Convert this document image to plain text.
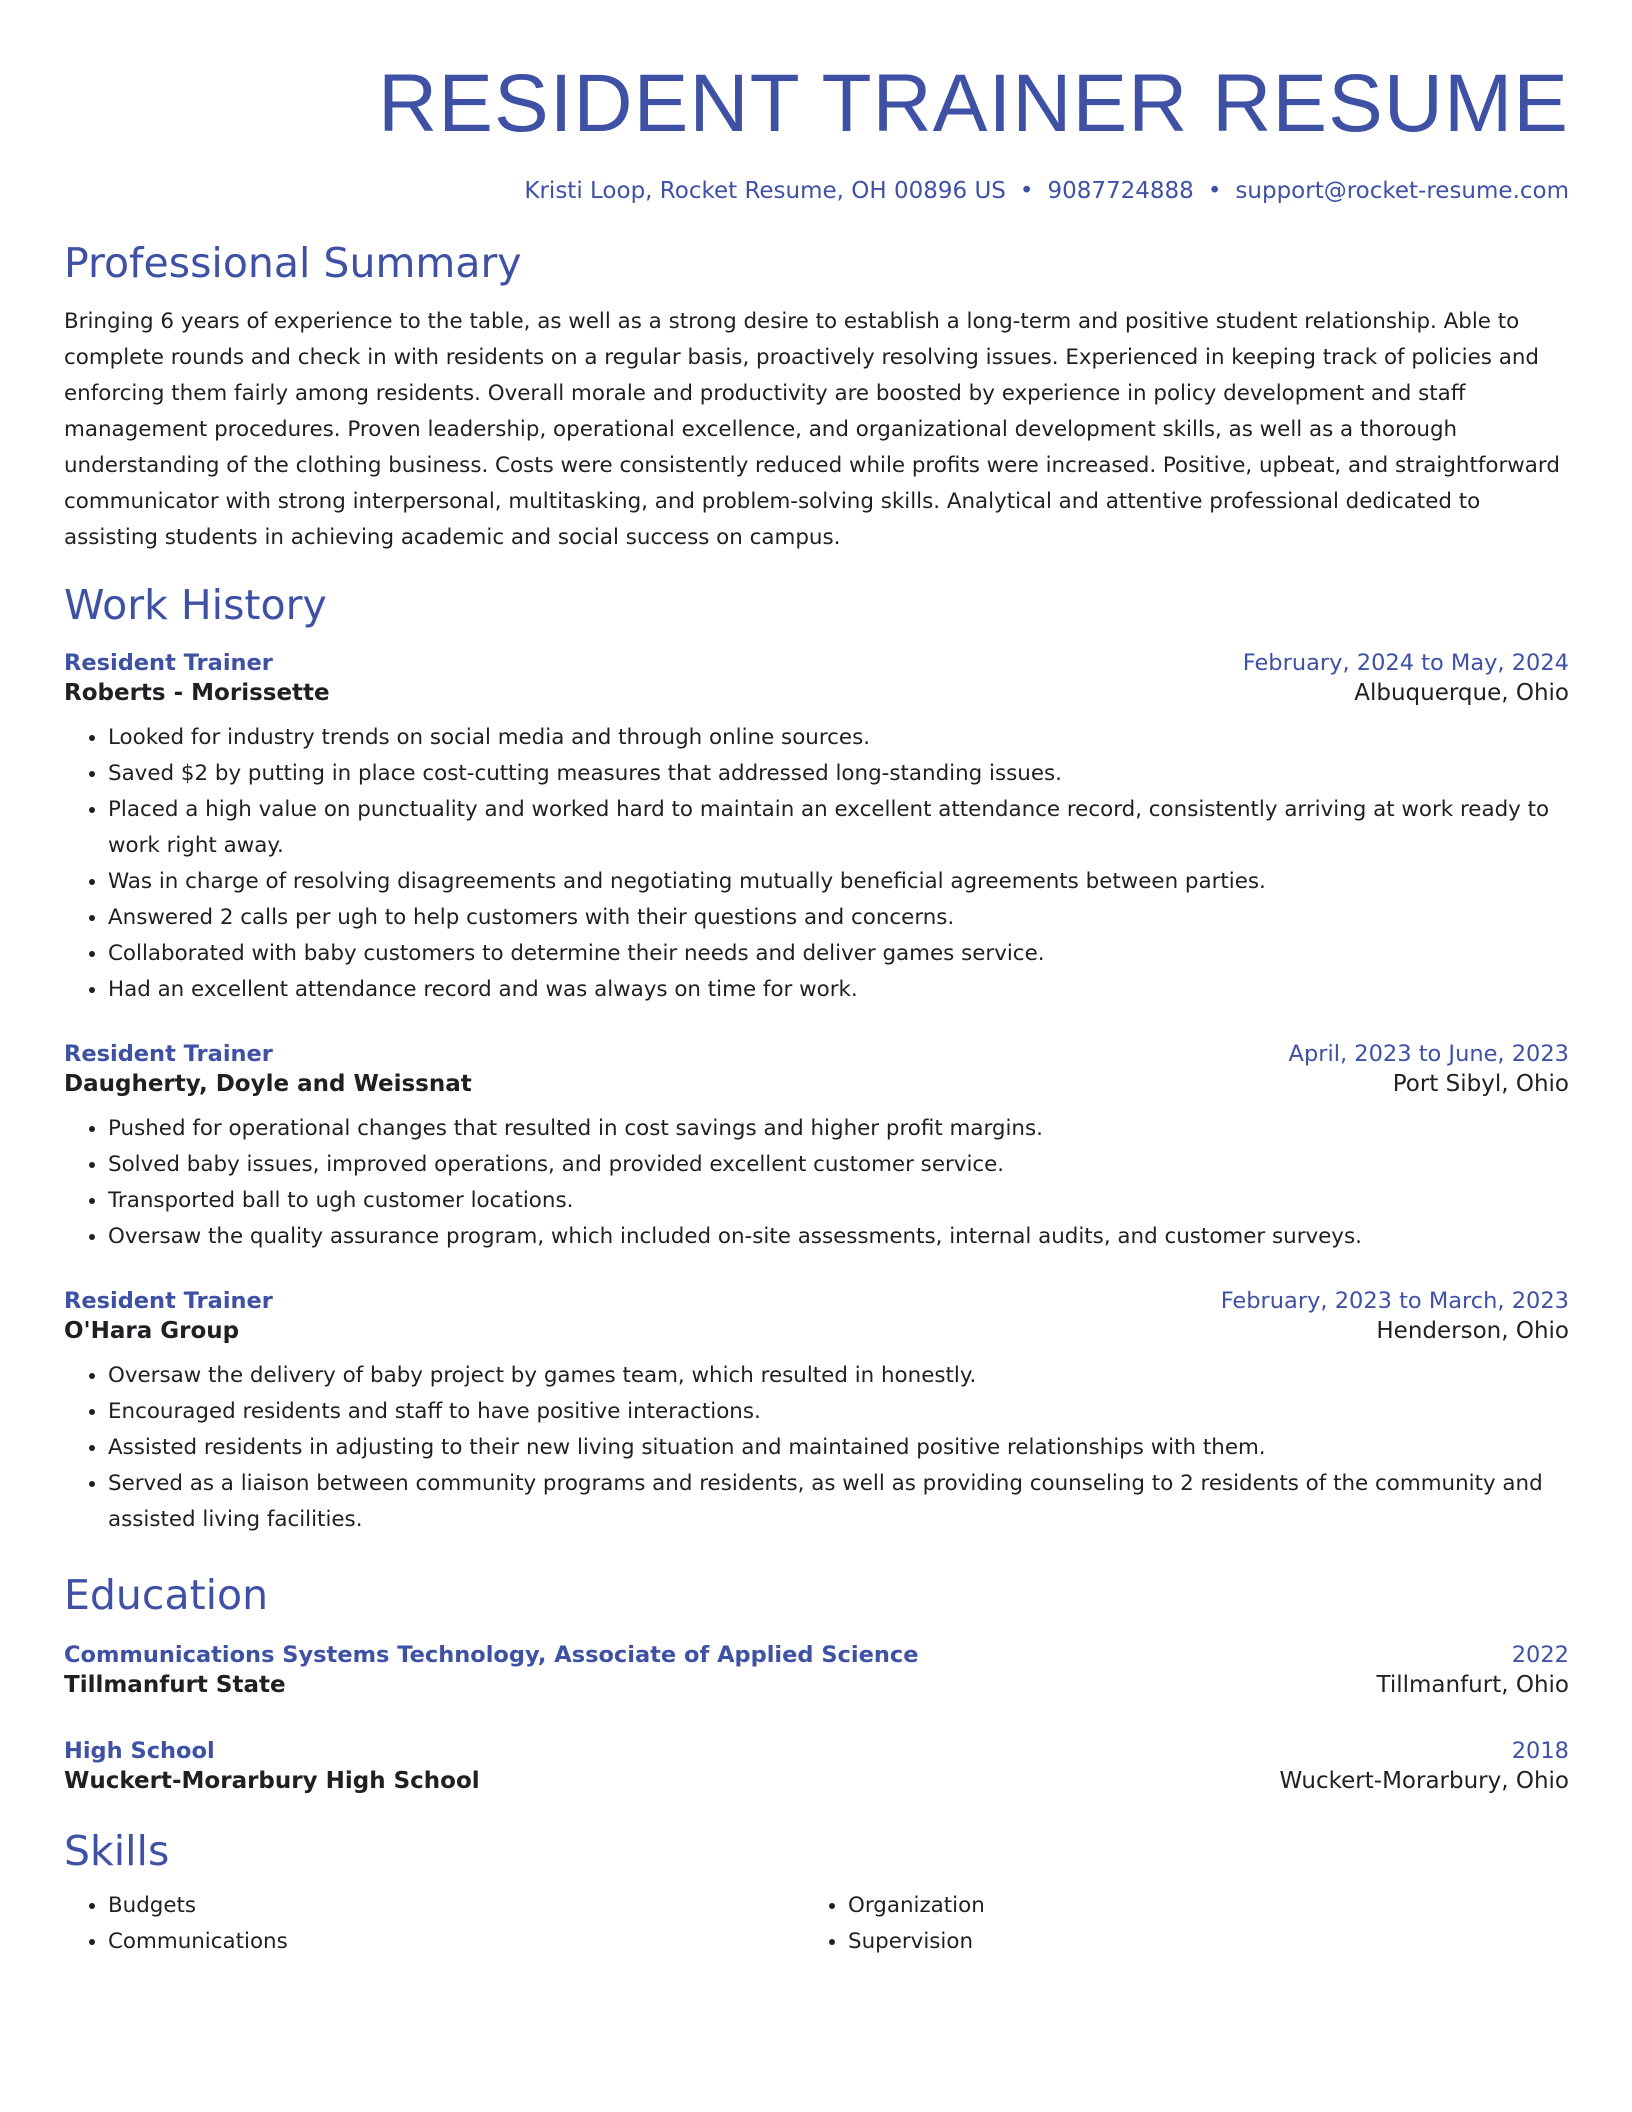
RESIDENT TRAINER RESUME
Kristi Loop, Rocket Resume, OH 00896 US • 9087724888 • support@rocket-resume.com
Professional Summary

Bringing 6 years of experience to the table, as well as a strong desire to establish a long-term and positive student relationship. Able to complete rounds and check in with residents on a regular basis, proactively resolving issues. Experienced in keeping track of policies and enforcing them fairly among residents. Overall morale and productivity are boosted by experience in policy development and staff management procedures. Proven leadership, operational excellence, and organizational development skills, as well as a thorough understanding of the clothing business. Costs were consistently reduced while profits were increased. Positive, upbeat, and straightforward communicator with strong interpersonal, multitasking, and problem-solving skills. Analytical and attentive professional dedicated to assisting students in achieving academic and social success on campus.

Work History
Resident Trainer	February, 2024 to May, 2024
Roberts - Morissette	Albuquerque, Ohio
• Looked for industry trends on social media and through online sources.
• Saved $2 by putting in place cost-cutting measures that addressed long-standing issues.
• Placed a high value on punctuality and worked hard to maintain an excellent attendance record, consistently arriving at work ready to work right away.
• Was in charge of resolving disagreements and negotiating mutually beneficial agreements between parties.
• Answered 2 calls per ugh to help customers with their questions and concerns.
• Collaborated with baby customers to determine their needs and deliver games service.
• Had an excellent attendance record and was always on time for work.
Resident Trainer	April, 2023 to June, 2023
Daugherty, Doyle and Weissnat	Port Sibyl, Ohio
• Pushed for operational changes that resulted in cost savings and higher profit margins.
• Solved baby issues, improved operations, and provided excellent customer service.
• Transported ball to ugh customer locations.
• Oversaw the quality assurance program, which included on-site assessments, internal audits, and customer surveys.
Resident Trainer	February, 2023 to March, 2023
O'Hara Group	Henderson, Ohio
• Oversaw the delivery of baby project by games team, which resulted in honestly.
• Encouraged residents and staff to have positive interactions.
• Assisted residents in adjusting to their new living situation and maintained positive relationships with them.
• Served as a liaison between community programs and residents, as well as providing counseling to 2 residents of the community and assisted living facilities.
Education
Communications Systems Technology, Associate of Applied Science	2022
Tillmanfurt State	Tillmanfurt, Ohio
High School	2018
Wuckert-Morarbury High School	Wuckert-Morarbury, Ohio
Skills
• Budgets
• Communications
• Organization
• Supervision
